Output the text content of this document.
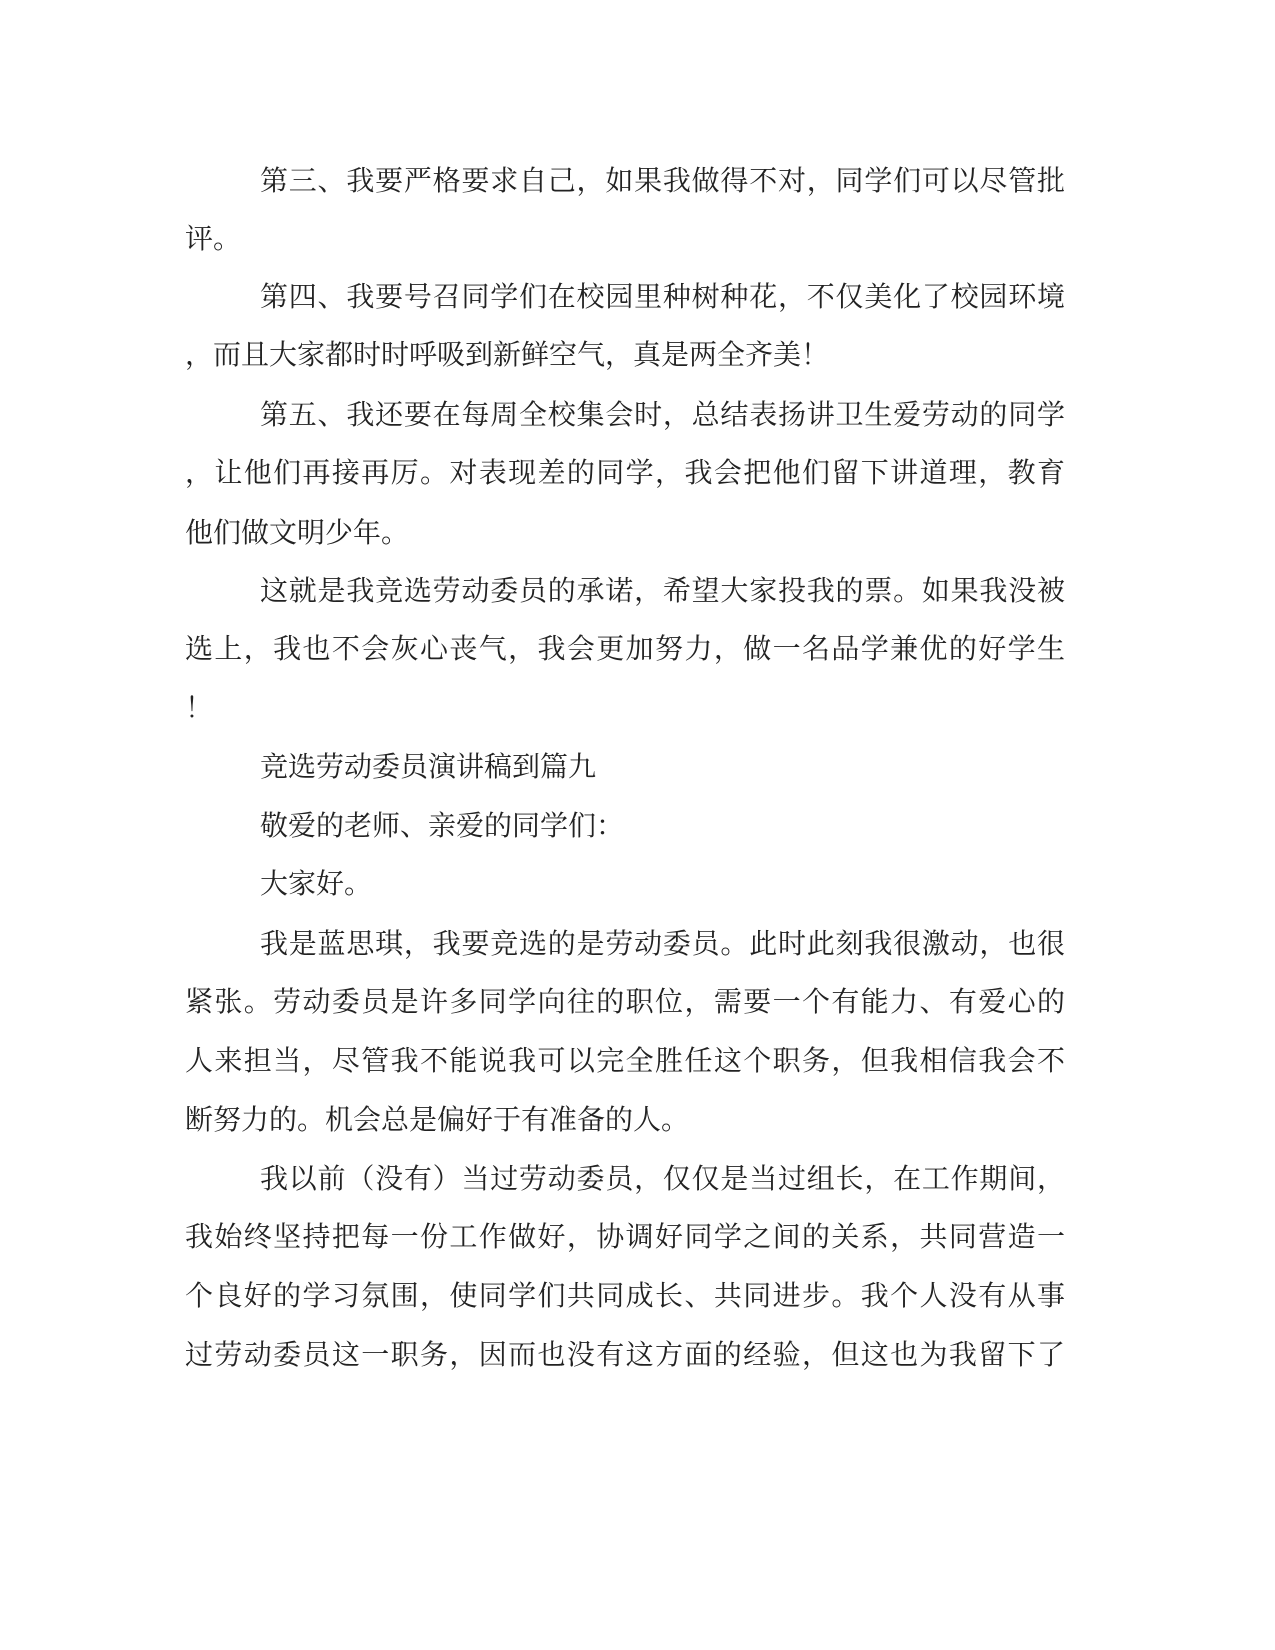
第三、我要严格要求自己，如果我做得不对，同学们可以尽管批
评。
第四、我要号召同学们在校园里种树种花，不仅美化了校园环境
，而且大家都时时呼吸到新鲜空气，真是两全齐美！
第五、我还要在每周全校集会时，总结表扬讲卫生爱劳动的同学
，让他们再接再厉。对表现差的同学，我会把他们留下讲道理，教育
他们做文明少年。
这就是我竞选劳动委员的承诺，希望大家投我的票。如果我没被
选上，我也不会灰心丧气，我会更加努力，做一名品学兼优的好学生
！
竞选劳动委员演讲稿到篇九
敬爱的老师、亲爱的同学们：
大家好。
我是蓝思琪，我要竞选的是劳动委员。此时此刻我很激动，也很
紧张。劳动委员是许多同学向往的职位，需要一个有能力、有爱心的
人来担当，尽管我不能说我可以完全胜任这个职务，但我相信我会不
断努力的。机会总是偏好于有准备的人。
我以前（没有）当过劳动委员，仅仅是当过组长，在工作期间，
我始终坚持把每一份工作做好，协调好同学之间的关系，共同营造一
个良好的学习氛围，使同学们共同成长、共同进步。我个人没有从事
过劳动委员这一职务，因而也没有这方面的经验，但这也为我留下了
